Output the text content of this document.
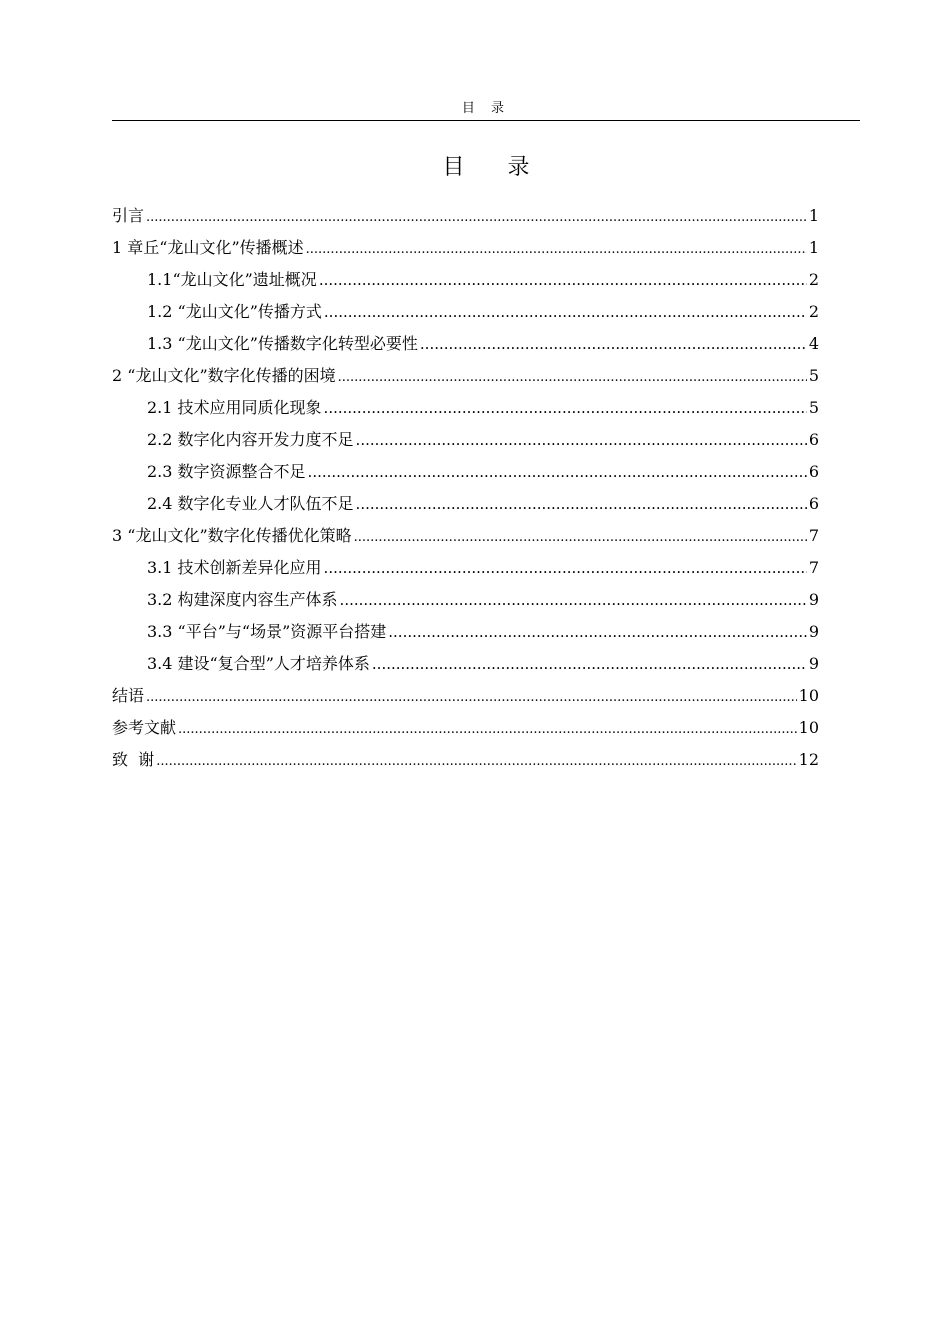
目 录
目 录
引言 .....	1
1 章丘“龙山文化”传播概述 .....	1
1.1“龙山文化”遗址概况 .....	2
1.2 “龙山文化”传播方式 .....	2
1.3 “龙山文化”传播数字化转型必要性 .....	4
2 “龙山文化”数字化传播的困境 .....	5
2.1 技术应用同质化现象 .....	5
2.2 数字化内容开发力度不足 .....	6
2.3 数字资源整合不足 .....	6
2.4 数字化专业人才队伍不足 .....	6
3 “龙山文化”数字化传播优化策略 .....	7
3.1 技术创新差异化应用 .....	7
3.2 构建深度内容生产体系 .....	9
3.3 “平台”与“场景”资源平台搭建 .....	9
3.4 建设“复合型”人才培养体系 .....	9
结语 .....	10
参考文献 .....	10
致  谢 .....	12
